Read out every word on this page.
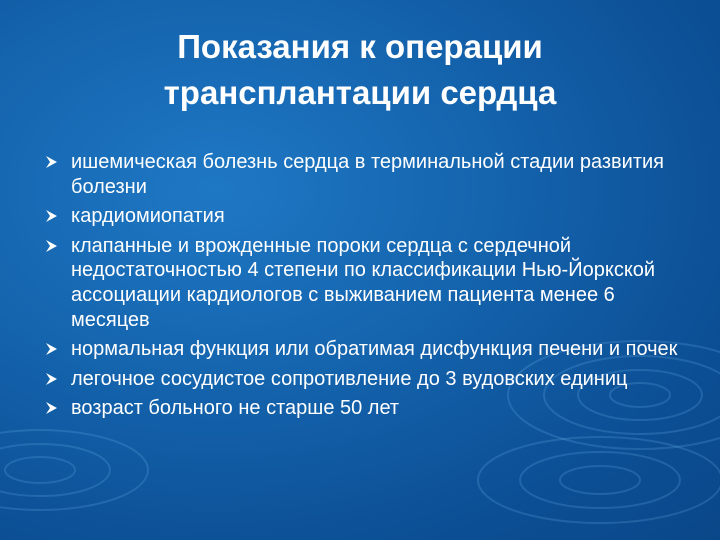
Показания к операции
трансплантации сердца
ишемическая болезнь сердца в терминальной стадии развития болезни
кардиомиопатия
клапанные и врожденные пороки сердца с сердечной недостаточностью 4 степени по классификации Нью-Йоркской ассоциации кардиологов с выживанием пациента менее 6 месяцев
нормальная функция или обратимая дисфункция печени и почек
легочное сосудистое сопротивление до 3 вудовских единиц
возраст больного не старше 50 лет
